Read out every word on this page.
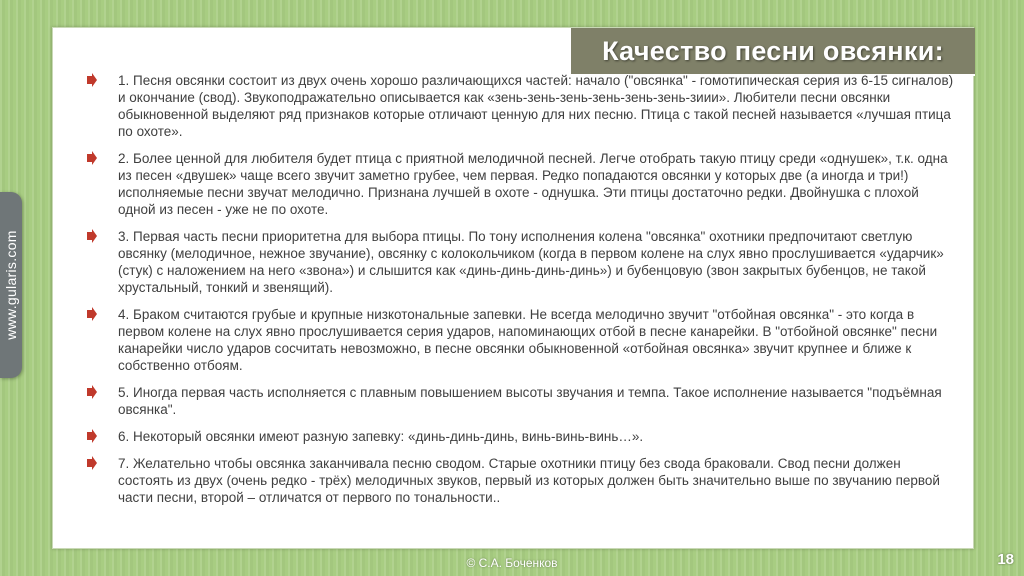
Качество песни овсянки:
www.gularis.com
1. Песня овсянки состоит из двух очень хорошо различающихся частей: начало ("овсянка" - гомотипическая серия из 6-15 сигналов) и окончание (свод). Звукоподражательно описывается как «зень-зень-зень-зень-зень-зень-зиии». Любители песни овсянки обыкновенной выделяют ряд признаков которые отличают ценную для них песню. Птица с такой песней называется «лучшая птица по охоте».
2. Более ценной для любителя будет птица с приятной мелодичной песней. Легче отобрать такую птицу среди «однушек», т.к. одна из песен «двушек» чаще всего звучит заметно грубее, чем первая. Редко попадаются овсянки у которых две (а иногда и три!) исполняемые песни звучат мелодично. Признана лучшей в охоте - однушка. Эти птицы достаточно редки. Двойнушка с плохой одной из песен - уже не по охоте.
3. Первая часть песни приоритетна для выбора птицы. По тону исполнения колена "овсянка" охотники предпочитают светлую овсянку (мелодичное, нежное звучание), овсянку с колокольчиком (когда в первом колене на слух явно прослушивается «ударчик» (стук) с наложением на него «звона») и слышится как «динь-динь-динь-динь») и бубенцовую (звон закрытых бубенцов, не такой хрустальный, тонкий и звенящий).
4. Браком считаются грубые и крупные низкотональные запевки. Не всегда мелодично звучит "отбойная овсянка" - это когда в первом колене на слух явно прослушивается серия ударов, напоминающих отбой в песне канарейки. В "отбойной овсянке" песни канарейки число ударов сосчитать невозможно, в песне овсянки обыкновенной «отбойная овсянка» звучит крупнее и ближе к собственно отбоям.
5. Иногда первая часть исполняется с плавным повышением высоты звучания и темпа. Такое исполнение называется "подъёмная овсянка".
6. Некоторый овсянки имеют разную запевку: «динь-динь-динь, винь-винь-винь…».
7. Желательно чтобы овсянка заканчивала песню сводом. Старые охотники птицу без свода браковали. Свод песни должен состоять из двух (очень редко - трёх) мелодичных звуков, первый из которых должен быть значительно выше по звучанию первой части песни, второй – отличатся от первого по тональности..
© С.А. Боченков	18
